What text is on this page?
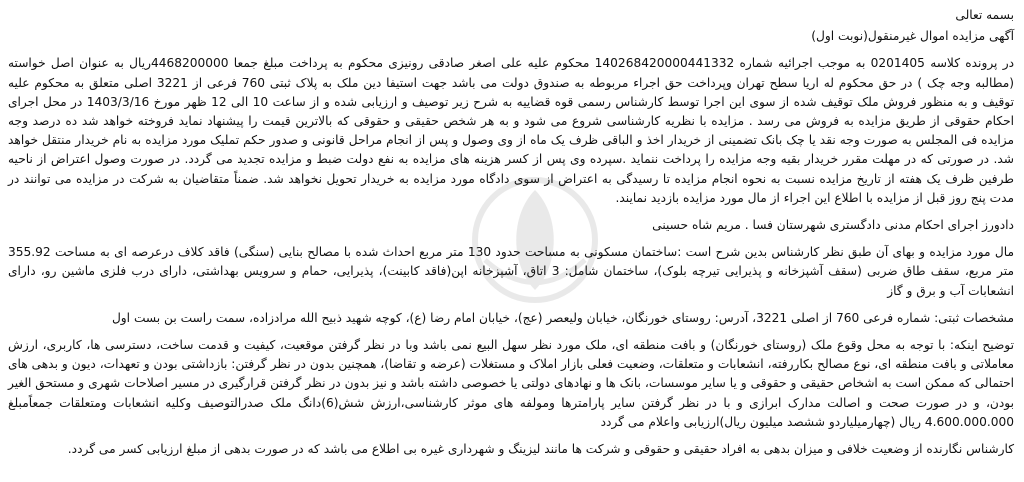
بسمه تعالی

آگهی مزایده اموال غیرمنقول(نوبت اول)

در پرونده کلاسه 0201405 به موجب اجرائیه شماره 140268420000441332 محکوم علیه علی اصغر صادقی رونیزی محکوم به پرداخت مبلغ جمعا 4468200000ریال به عنوان اصل خواسته (مطالبه وجه چک ) در حق محکوم له اریا سطح تهران وپرداخت حق اجراء مربوطه به صندوق دولت می باشد جهت استیفا دین ملک به پلاک ثبتی 760 فرعی از 3221 اصلی متعلق به محکوم علیه توقیف و به منظور فروش ملک توقیف شده از سوی این اجرا توسط کارشناس رسمی قوه قضاییه به شرح زیر توصیف و ارزیابی شده و از ساعت 10 الی 12 ظهر مورخ 1403/3/16 در محل اجرای احکام حقوقی از طریق مزایده به فروش می رسد . مزایده با نظریه کارشناسی شروع می شود و به هر شخص حقیقی و حقوقی که بالاترین قیمت را پیشنهاد نماید فروخته خواهد شد ده درصد وجه مزایده فی المجلس به صورت وجه نقد یا چک بانک تضمینی از خریدار اخذ و الباقی ظرف یک ماه از وی وصول و پس از انجام مراحل قانونی و صدور حکم تملیک مورد مزایده به نام خریدار منتقل خواهد شد. در صورتی که در مهلت مقرر خریدار بقیه وجه مزایده را پرداخت ننماید .سپرده وی پس از کسر هزینه های مزایده به نفع دولت ضبط و مزایده تجدید می گردد. در صورت وصول اعتراض از ناحیه طرفین ظرف یک هفته از تاریخ مزایده نسبت به نحوه انجام مزایده تا رسیدگی به اعتراض از سوی دادگاه مورد مزایده به خریدار تحویل نخواهد شد. ضمناً متقاضیان به شرکت در مزایده می توانند در مدت پنج روز قبل از مزایده با اطلاع این اجراء از مال مورد مزایده بازدید نمایند.

دادورز اجرای احکام مدنی دادگستری شهرستان فسا . مریم شاه حسینی

مال مورد مزایده و بهای آن طبق نظر کارشناس بدین شرح است :ساختمان مسکونی به مساحت حدود 130 متر مربع احداث شده با مصالح بنایی (سنگی) فاقد کلاف درعرصه ای به مساحت 355.92 متر مربع، سقف طاق ضربی (سقف آشپزخانه و پذیرایی تیرچه بلوک)، ساختمان شامل: 3 اتاق، آشپزخانه اپن(فاقد کابینت)، پذیرایی، حمام و سرویس بهداشتی، دارای درب فلزی ماشین رو، دارای انشعابات آب و برق و گاز

مشخصات ثبتی: شماره فرعی 760 از اصلی 3221، آدرس: روستای خورنگان، خیابان ولیعصر (عج)، خیابان امام رضا (ع)، کوچه شهید ذبیح الله مرادزاده، سمت راست بن بست اول

توضیح اینکه: با توجه به محل وقوع ملک (روستای خورنگان) و بافت منطقه ای، ملک مورد نظر سهل البیع نمی باشد وبا در نظر گرفتن موقعیت، کیفیت و قدمت ساخت، دسترسی ها، کاربری، ارزش معاملاتی و بافت منطقه ای، نوع مصالح بکاررفته، انشعابات و متعلقات، وضعیت فعلی بازار املاک و مستغلات (عرضه و تقاضا)، همچنین بدون در نظر گرفتن: بازداشتی بودن و تعهدات، دیون و بدهی های احتمالی که ممکن است به اشخاص حقیقی و حقوقی و یا سایر موسسات، بانک ها و نهادهای دولتی یا خصوصی داشته باشد و نیز بدون در نظر گرفتن قرارگیری در مسیر اصلاحات شهری و مستحق الغیر بودن، و در صورت صحت و اصالت مدارک ابرازی و با در نظر گرفتن سایر پارامترها ومولفه های موثر کارشناسی،ارزش شش(6)دانگ ملک صدرالتوصیف وکلیه انشعابات ومتعلقات جمعاًمبلغ 4.600.000.000 ریال (چهارمیلیاردو ششصد میلیون ریال)ارزیابی واعلام می گردد

کارشناس نگارنده از وضعیت خلافی و میزان بدهی به افراد حقیقی و حقوقی و شرکت ها مانند لیزینگ و شهرداری غیره بی اطلاع می باشد که در صورت بدهی از مبلغ ارزیابی کسر می گردد.
